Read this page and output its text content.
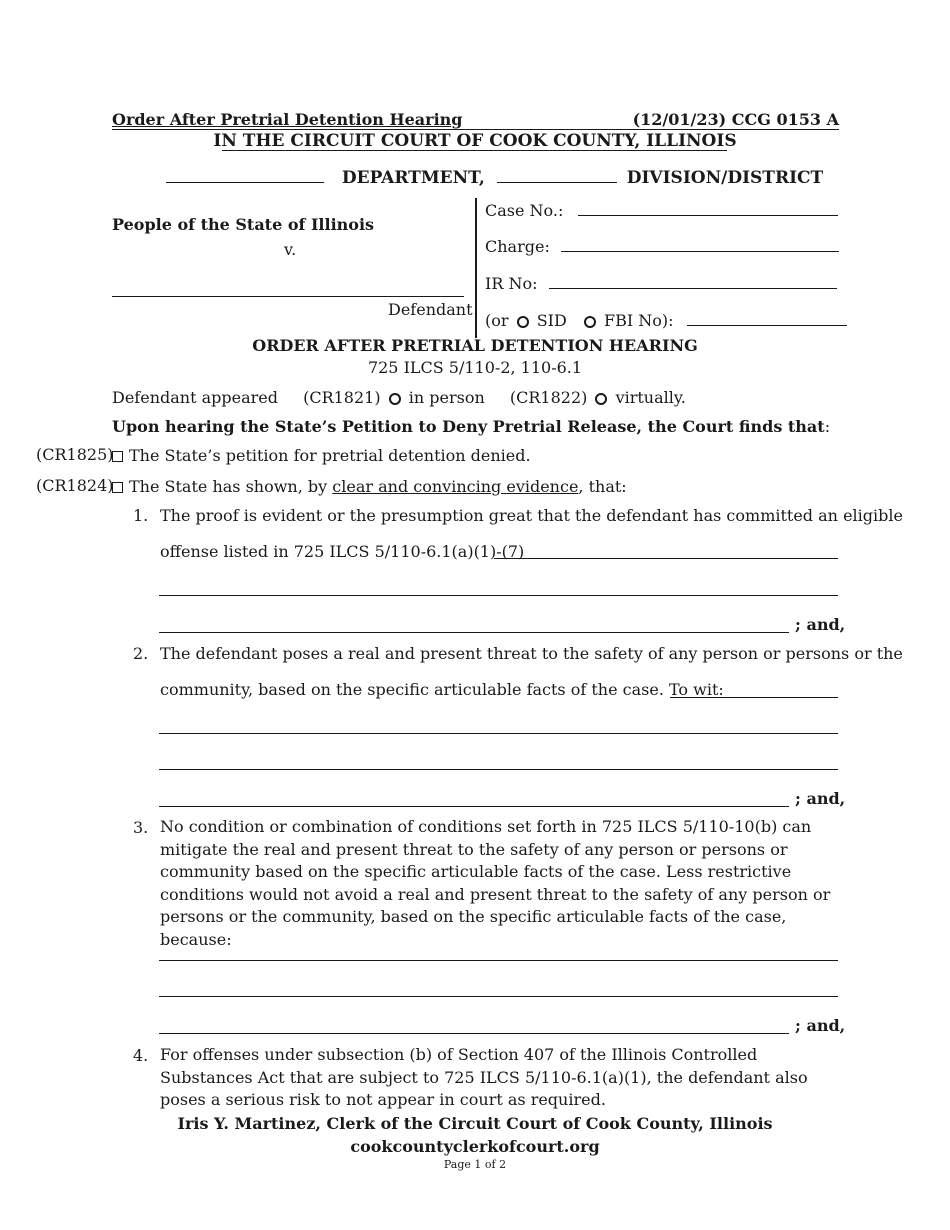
Order After Pretrial Detention Hearing	(12/01/23) CCG 0153 A
IN THE CIRCUIT COURT OF COOK COUNTY, ILLINOIS
DEPARTMENT,	DIVISION/DISTRICT
People of the State of Illinois
v.
Defendant
Case No.:
Charge:
IR No:
(or SID FBI No):
ORDER AFTER PRETRIAL DETENTION HEARING
725 ILCS 5/110-2, 110-6.1
Defendant appeared (CR1821) in person (CR1822) virtually.
Upon hearing the State’s Petition to Deny Pretrial Release, the Court finds that:
(CR1825) The State’s petition for pretrial detention denied.
(CR1824) The State has shown, by clear and convincing evidence, that:
1. The proof is evident or the presumption great that the defendant has committed an eligible
offense listed in 725 ILCS 5/110-6.1(a)(1)-(7)
; and,
2. The defendant poses a real and present threat to the safety of any person or persons or the
community, based on the specific articulable facts of the case. To wit:
; and,
3. No condition or combination of conditions set forth in 725 ILCS 5/110-10(b) can mitigate the real and present threat to the safety of any person or persons or community based on the specific articulable facts of the case. Less restrictive conditions would not avoid a real and present threat to the safety of any person or persons or the community, based on the specific articulable facts of the case, because:
; and,
4. For offenses under subsection (b) of Section 407 of the Illinois Controlled Substances Act that are subject to 725 ILCS 5/110-6.1(a)(1), the defendant also poses a serious risk to not appear in court as required.
Iris Y. Martinez, Clerk of the Circuit Court of Cook County, Illinois
cookcountyclerkofcourt.org
Page 1 of 2
